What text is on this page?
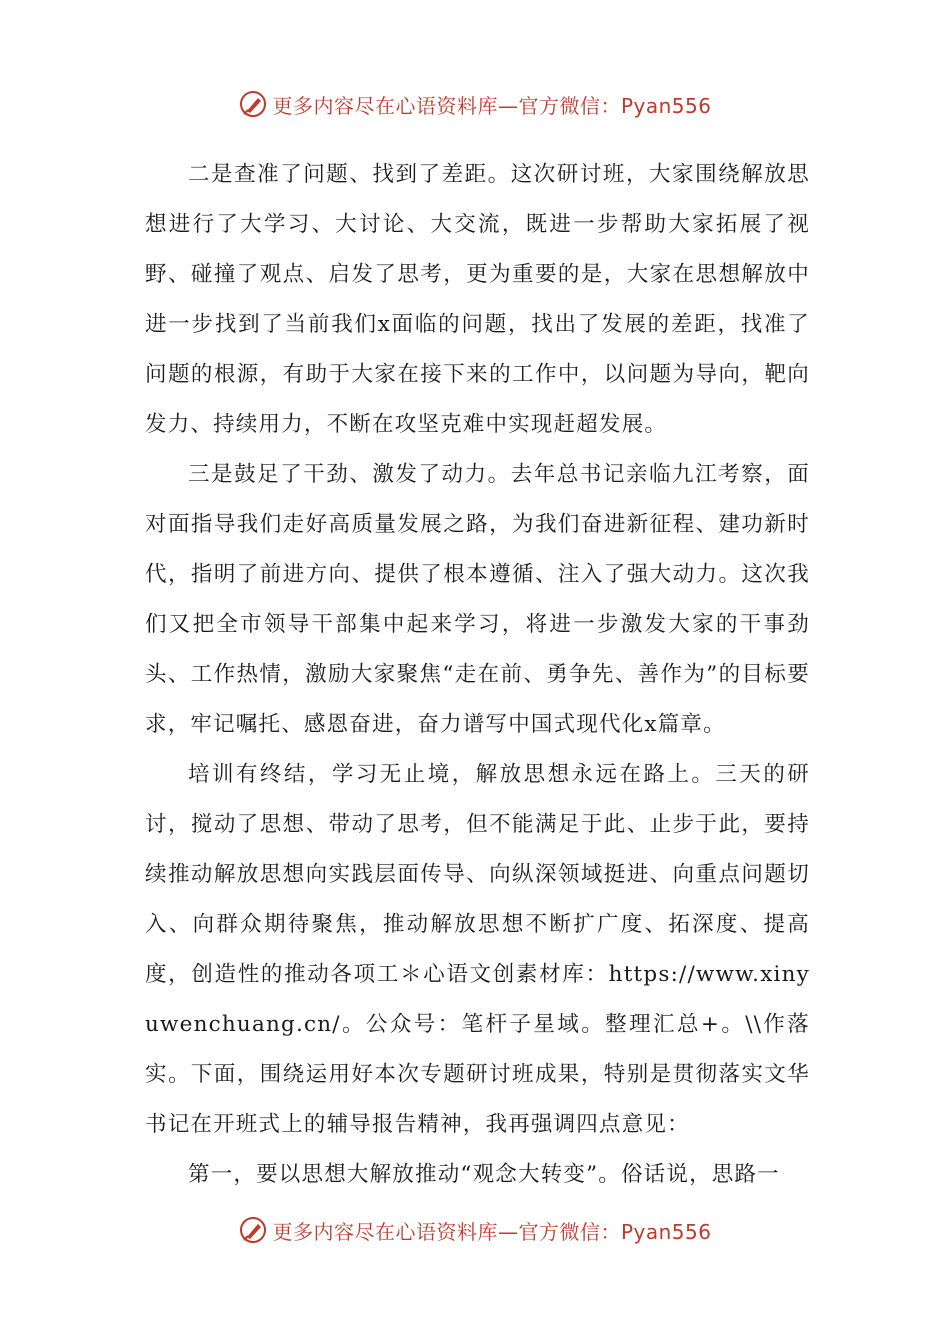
更多内容尽在心语资料库—官方微信：Pyan556

二是查准了问题、找到了差距。这次研讨班，大家围绕解放思想进行了大学习、大讨论、大交流，既进一步帮助大家拓展了视野、碰撞了观点、启发了思考，更为重要的是，大家在思想解放中进一步找到了当前我们x面临的问题，找出了发展的差距，找准了问题的根源，有助于大家在接下来的工作中，以问题为导向，靶向发力、持续用力，不断在攻坚克难中实现赶超发展。

三是鼓足了干劲、激发了动力。去年总书记亲临九江考察，面对面指导我们走好高质量发展之路，为我们奋进新征程、建功新时代，指明了前进方向、提供了根本遵循、注入了强大动力。这次我们又把全市领导干部集中起来学习，将进一步激发大家的干事劲头、工作热情，激励大家聚焦“走在前、勇争先、善作为”的目标要求，牢记嘱托、感恩奋进，奋力谱写中国式现代化x篇章。

培训有终结，学习无止境，解放思想永远在路上。三天的研讨，搅动了思想、带动了思考，但不能满足于此、止步于此，要持续推动解放思想向实践层面传导、向纵深领域挺进、向重点问题切入、向群众期待聚焦，推动解放思想不断扩广度、拓深度、提高度，创造性的推动各项工＊心语文创素材库：https://www.xinyuwenchuang.cn/。公众号：笔杆子星域。整理汇总+。\\作落实。下面，围绕运用好本次专题研讨班成果，特别是贯彻落实文华书记在开班式上的辅导报告精神，我再强调四点意见：

第一，要以思想大解放推动“观念大转变”。俗话说，思路一

更多内容尽在心语资料库—官方微信：Pyan556
